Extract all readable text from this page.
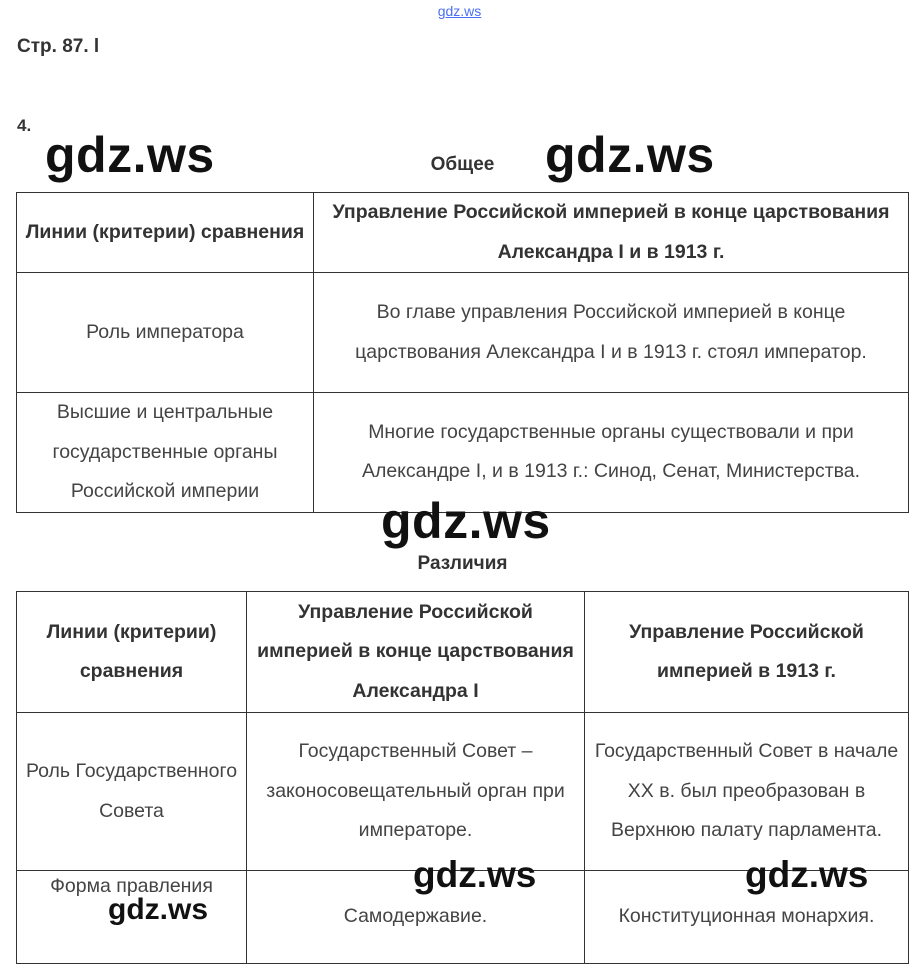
gdz.ws
Стр. 87. l
4.
Общее
Линии (критерии) сравнения	Управление Российской империей в конце царствования Александра I и в 1913 г.
Роль императора	Во главе управления Российской империей в конце царствования Александра I и в 1913 г. стоял император.
Высшие и центральные государственные органы Российской империи	Многие государственные органы существовали и при Александре I, и в 1913 г.: Синод, Сенат, Министерства.
Различия
Линии (критерии) сравнения	Управление Российской империей в конце царствования Александра I	Управление Российской империей в 1913 г.
Роль Государственного Совета	Государственный Совет – законосовещательный орган при императоре.	Государственный Совет в начале XX в. был преобразован в Верхнюю палату парламента.
Форма правления	Самодержавие.	Конституционная монархия.
gdz.ws	gdz.ws
gdz.ws
gdz.ws	gdz.ws
gdz.ws
